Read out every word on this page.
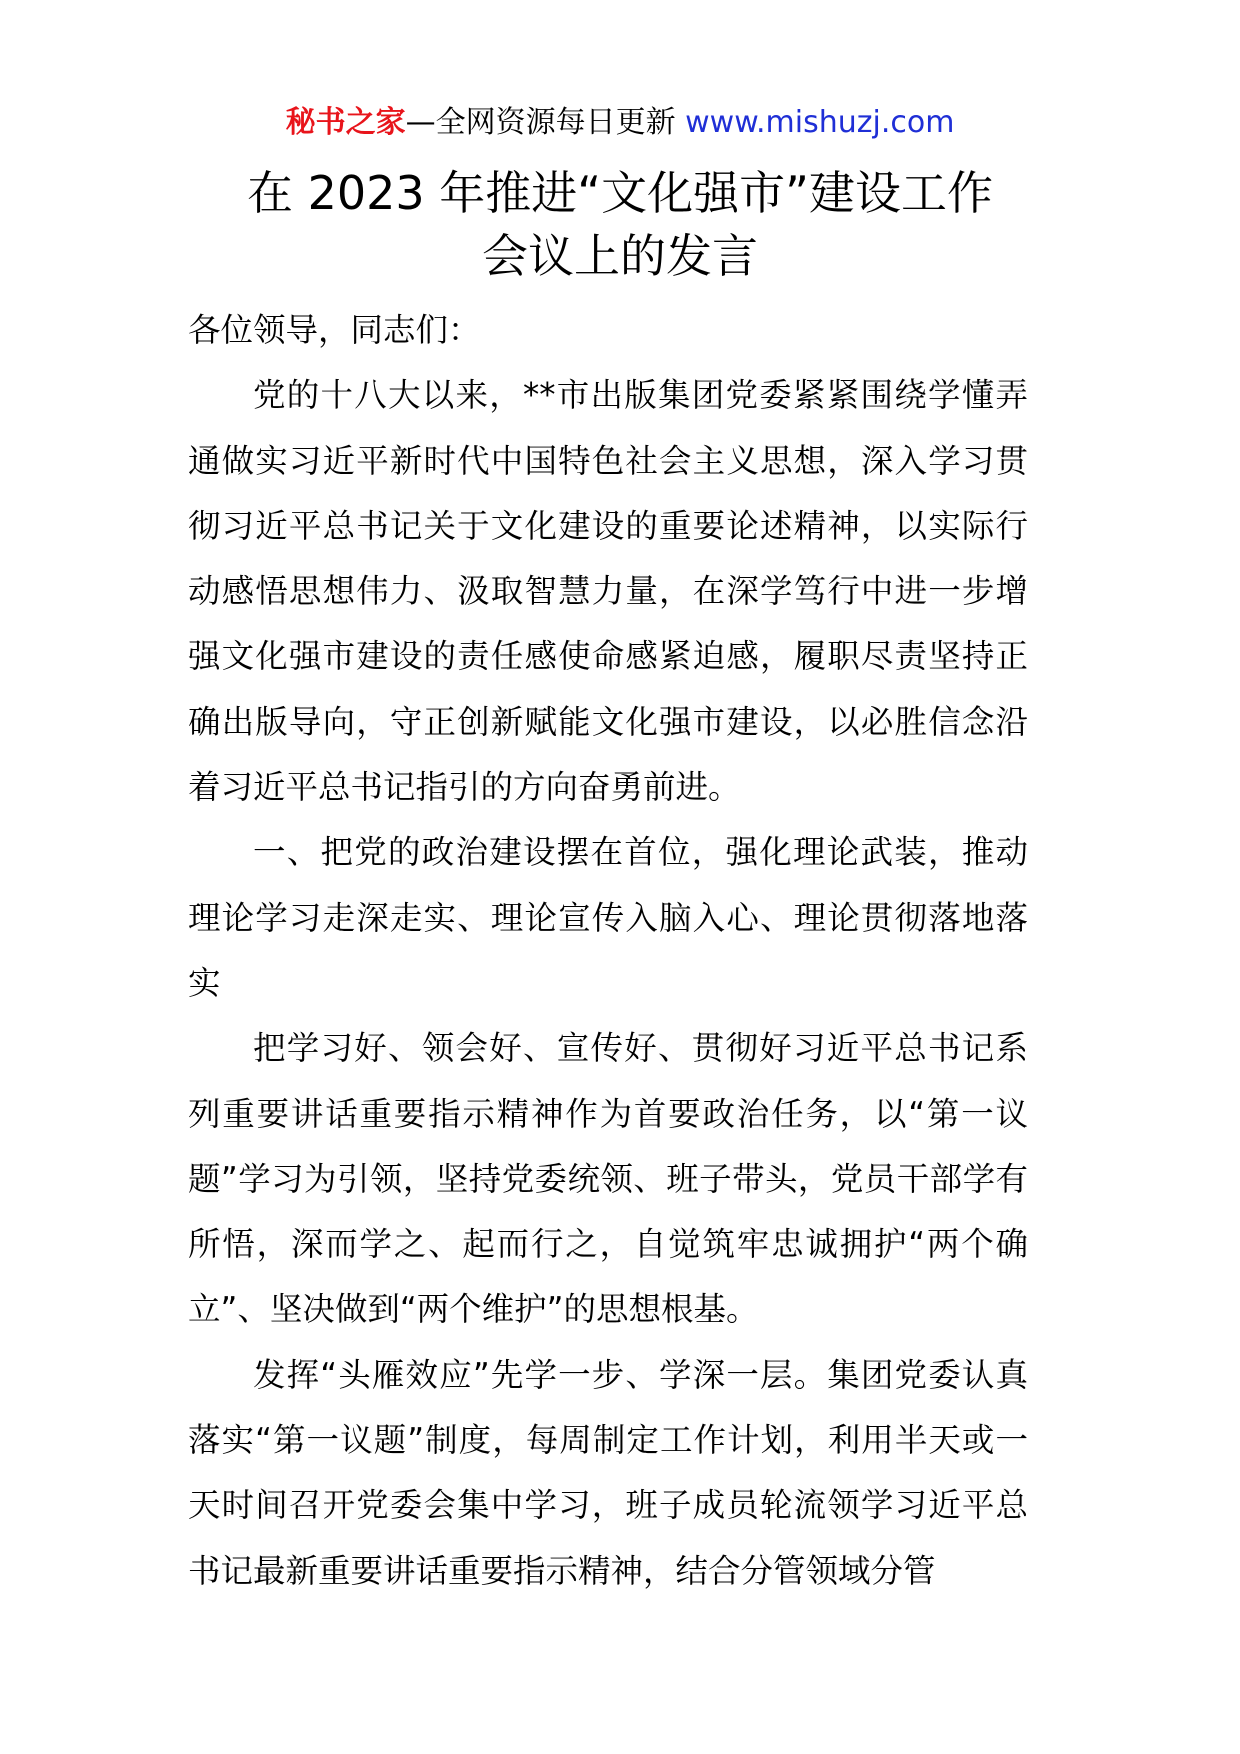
秘书之家—全网资源每日更新 www.mishuzj.com
在 2023 年推进“文化强市”建设工作
会议上的发言

各位领导，同志们：

党的十八大以来，**市出版集团党委紧紧围绕学懂弄通做实习近平新时代中国特色社会主义思想，深入学习贯彻习近平总书记关于文化建设的重要论述精神，以实际行动感悟思想伟力、汲取智慧力量，在深学笃行中进一步增强文化强市建设的责任感使命感紧迫感，履职尽责坚持正确出版导向，守正创新赋能文化强市建设，以必胜信念沿着习近平总书记指引的方向奋勇前进。

一、把党的政治建设摆在首位，强化理论武装，推动理论学习走深走实、理论宣传入脑入心、理论贯彻落地落实

把学习好、领会好、宣传好、贯彻好习近平总书记系列重要讲话重要指示精神作为首要政治任务，以“第一议题”学习为引领，坚持党委统领、班子带头，党员干部学有所悟，深而学之、起而行之，自觉筑牢忠诚拥护“两个确立”、坚决做到“两个维护”的思想根基。

发挥“头雁效应”先学一步、学深一层。集团党委认真落实“第一议题”制度，每周制定工作计划，利用半天或一天时间召开党委会集中学习，班子成员轮流领学习近平总书记最新重要讲话重要指示精神，结合分管领域分管
